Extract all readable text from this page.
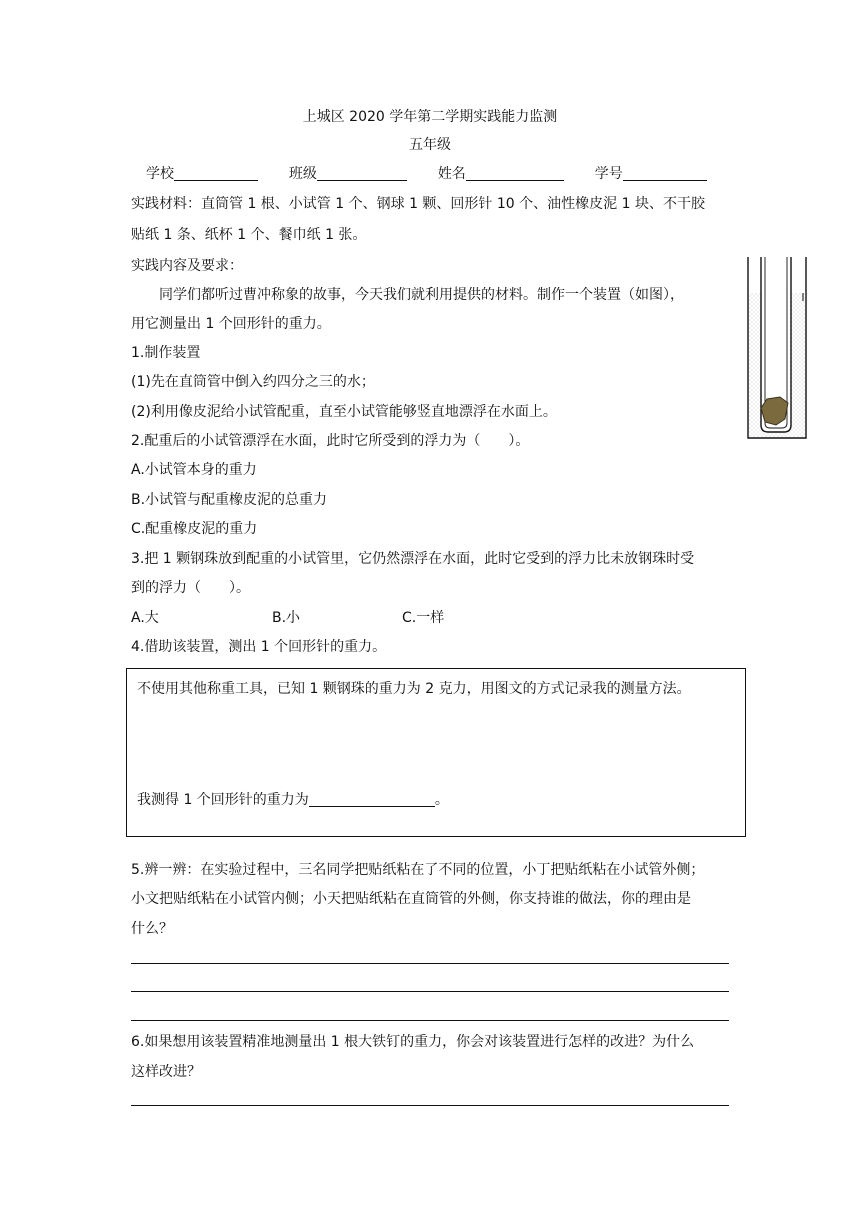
上城区 2020 学年第二学期实践能力监测
五年级
学校	班级	姓名	学号
实践材料：直筒管 1 根、小试管 1 个、钢球 1 颗、回形针 10 个、油性橡皮泥 1 块、不干胶
贴纸 1 条、纸杯 1 个、餐巾纸 1 张。
实践内容及要求：
同学们都听过曹冲称象的故事，今天我们就利用提供的材料。制作一个装置（如图），
用它测量出 1 个回形针的重力。
1.制作装置
(1)先在直筒管中倒入约四分之三的水；
(2)利用像皮泥给小试管配重，直至小试管能够竖直地漂浮在水面上。
2.配重后的小试管漂浮在水面，此时它所受到的浮力为（　　）。
A.小试管本身的重力
B.小试管与配重橡皮泥的总重力
C.配重橡皮泥的重力
3.把 1 颗钢珠放到配重的小试管里，它仍然漂浮在水面，此时它受到的浮力比未放钢珠时受
到的浮力（　　）。
A.大	B.小	C.一样
4.借助该装置，测出 1 个回形针的重力。
不使用其他称重工具，已知 1 颗钢珠的重力为 2 克力，用图文的方式记录我的测量方法。
我测得 1 个回形针的重力为	。
5.辨一辨：在实验过程中，三名同学把贴纸粘在了不同的位置，小丁把贴纸粘在小试管外侧；
小文把贴纸粘在小试管内侧；小天把贴纸粘在直筒管的外侧，你支持谁的做法，你的理由是
什么？
6.如果想用该装置精准地测量出 1 根大铁钉的重力，你会对该装置进行怎样的改进？为什么
这样改进？
